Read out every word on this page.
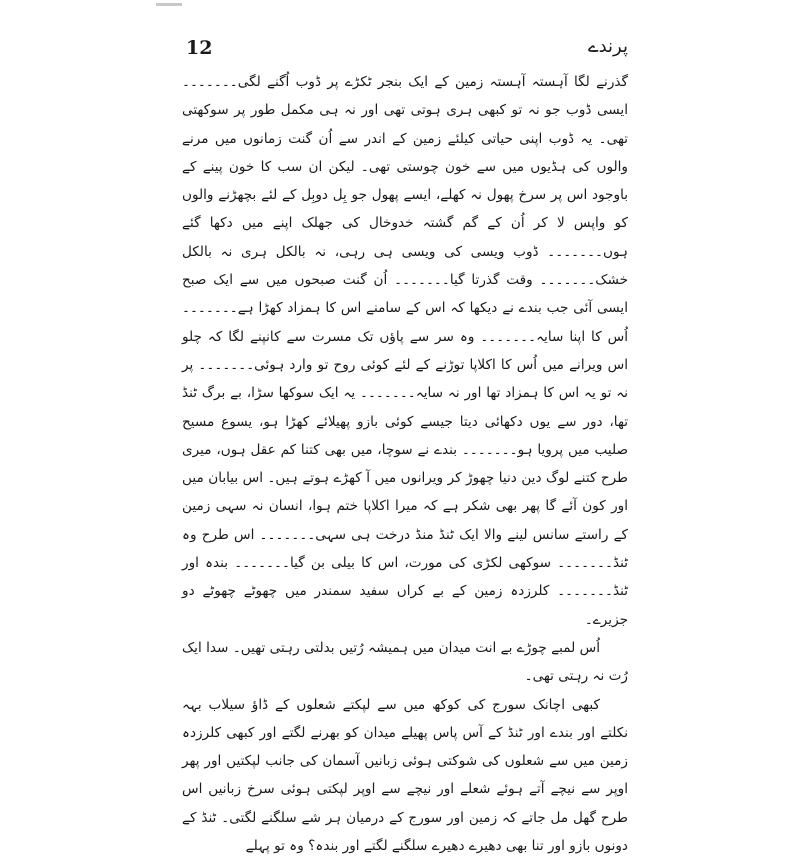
12	پرندے

گذرنے لگا آہستہ آہستہ زمین کے ایک بنجر ٹکڑے پر ڈوب اُگنے لگی۔۔۔۔۔۔۔ ایسی ڈوب جو نہ تو کبھی ہری ہوتی تھی اور نہ ہی مکمل طور پر سوکھتی تھی۔ یہ ڈوب اپنی حیاتی کیلئے زمین کے اندر سے اُن گنت زمانوں میں مرنے والوں کی ہڈیوں میں سے خون چوستی تھی۔ لیکن ان سب کا خون پینے کے باوجود اس پر سرخ پھول نہ کھلے، ایسے پھول جو بِل دوبِل کے لئے بچھڑنے والوں کو واپس لا کر اُن کے گم گشتہ خدوخال کی جھلک اپنے میں دکھا گئے ہوں۔۔۔۔۔۔۔ ڈوب ویسی کی ویسی ہی رہی، نہ بالکل ہری نہ بالکل خشک۔۔۔۔۔۔۔ وقت گذرتا گیا۔۔۔۔۔۔۔ اُن گنت صبحوں میں سے ایک صبح ایسی آئی جب بندے نے دیکھا کہ اس کے سامنے اس کا ہمزاد کھڑا ہے۔۔۔۔۔۔۔ اُس کا اپنا سایہ۔۔۔۔۔۔۔ وہ سر سے پاؤں تک مسرت سے کانپنے لگا کہ چلو اس ویرانے میں اُس کا اکلاپا توڑنے کے لئے کوئی روح تو وارد ہوئی۔۔۔۔۔۔۔ پر نہ تو یہ اس کا ہمزاد تھا اور نہ سایہ۔۔۔۔۔۔۔ یہ ایک سوکھا سڑا، بے برگ ٹنڈ تھا، دور سے یوں دکھائی دیتا جیسے کوئی بازو پھیلائے کھڑا ہو، یسوع مسیح صلیب میں پرویا ہو۔۔۔۔۔۔۔ بندے نے سوچا، میں بھی کتنا کم عقل ہوں، میری طرح کتنے لوگ دین دنیا چھوڑ کر ویرانوں میں آ کھڑے ہوتے ہیں۔ اس بیابان میں اور کون آئے گا پھر بھی شکر ہے کہ میرا اکلاپا ختم ہوا، انسان نہ سہی زمین کے راستے سانس لینے والا ایک ٹنڈ منڈ درخت ہی سہی۔۔۔۔۔۔۔ اس طرح وہ ٹنڈ۔۔۔۔۔۔۔ سوکھی لکڑی کی مورت، اس کا بیلی بن گیا۔۔۔۔۔۔۔ بندہ اور ٹنڈ۔۔۔۔۔۔۔ کلرزدہ زمین کے بے کراں سفید سمندر میں چھوٹے چھوٹے دو جزیرے۔

اُس لمبے چوڑے بے انت میدان میں ہمیشہ رُتیں بدلتی رہتی تھیں۔ سدا ایک رُت نہ رہتی تھی۔

کبھی اچانک سورج کی کوکھ میں سے لپکتے شعلوں کے ڈاؤ سیلاب بہہ نکلتے اور بندے اور ٹنڈ کے آس پاس پھیلے میدان کو بھرنے لگتے اور کبھی کلرزدہ زمین میں سے شعلوں کی شوکتی ہوئی زبانیں آسمان کی جانب لپکتیں اور پھر اوپر سے نیچے آتے ہوئے شعلے اور نیچے سے اوپر لپکتی ہوئی سرخ زبانیں اس طرح گھل مل جاتے کہ زمین اور سورج کے درمیان ہر شے سلگنے لگتی۔ ٹنڈ کے دونوں بازو اور تنا بھی دھیرے دھیرے سلگنے لگتے اور بندہ؟ وہ تو پہلے
